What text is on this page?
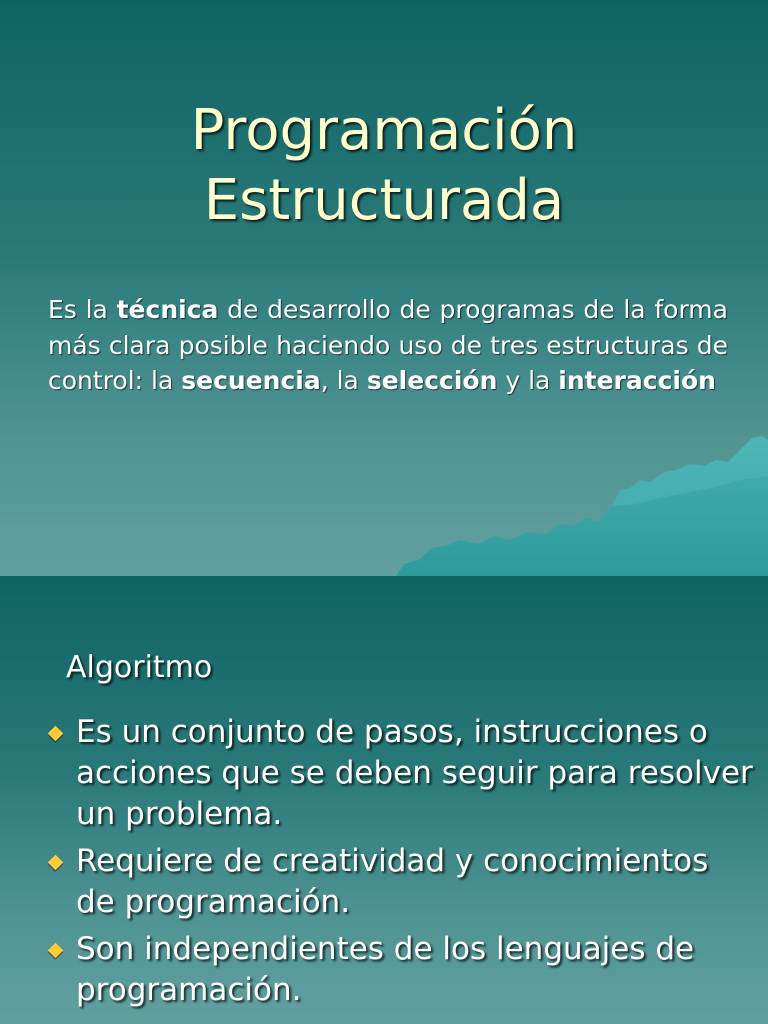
Programación
Estructurada

Es la técnica de desarrollo de programas de la forma más clara posible haciendo uso de tres estructuras de control: la secuencia, la selección y la interacción

Algoritmo
Es un conjunto de pasos, instrucciones o acciones que se deben seguir para resolver un problema.
Requiere de creatividad y conocimientos de programación.
Son independientes de los lenguajes de programación.
